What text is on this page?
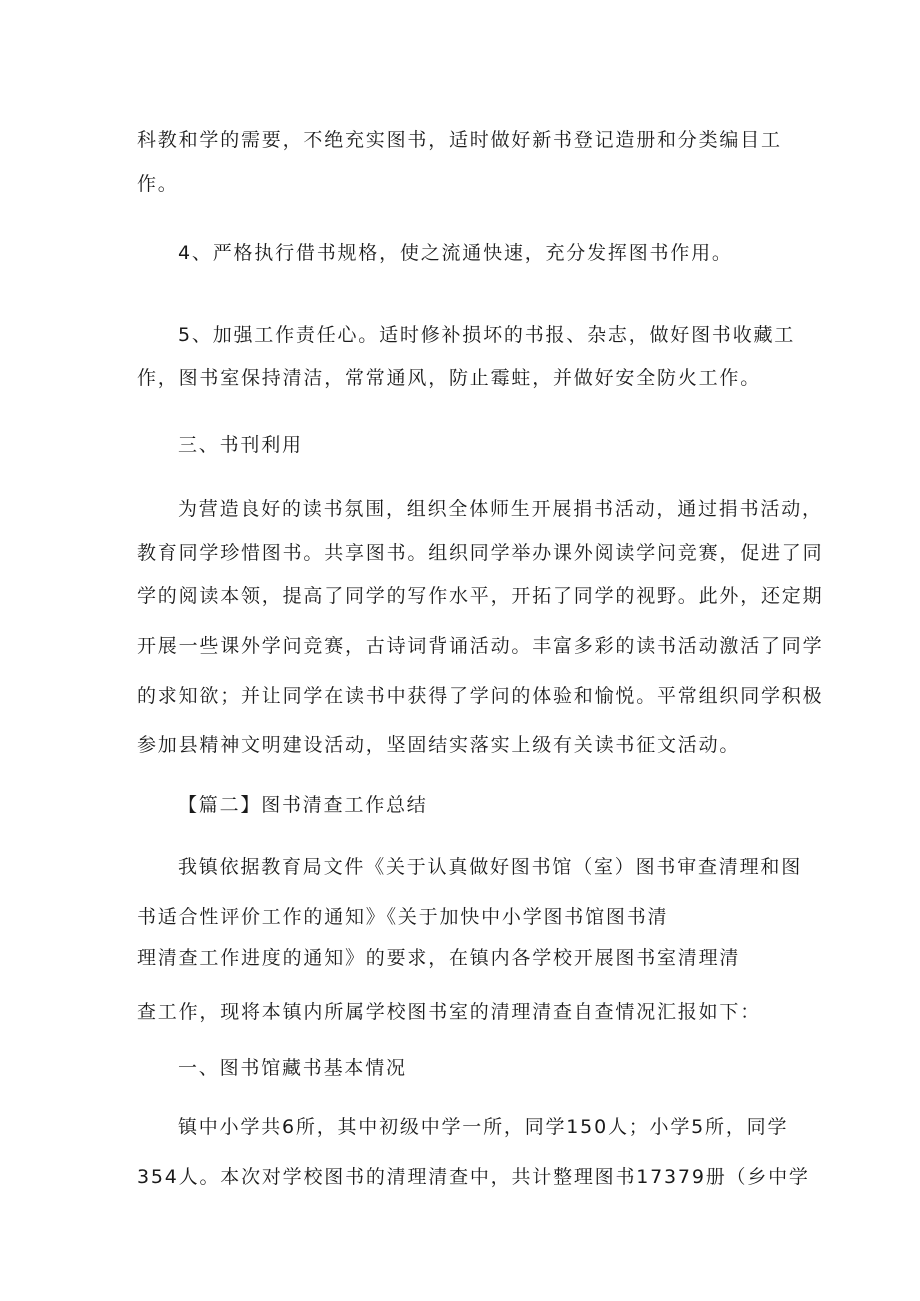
科教和学的需要，不绝充实图书，适时做好新书登记造册和分类编目工
作。
4、严格执行借书规格，使之流通快速，充分发挥图书作用。
5、加强工作责任心。适时修补损坏的书报、杂志，做好图书收藏工
作，图书室保持清洁，常常通风，防止霉蛀，并做好安全防火工作。
三、书刊利用
为营造良好的读书氛围，组织全体师生开展捐书活动，通过捐书活动，
教育同学珍惜图书。共享图书。组织同学举办课外阅读学问竞赛，促进了同
学的阅读本领，提高了同学的写作水平，开拓了同学的视野。此外，还定期
开展一些课外学问竞赛，古诗词背诵活动。丰富多彩的读书活动激活了同学
的求知欲；并让同学在读书中获得了学问的体验和愉悦。平常组织同学积极
参加县精神文明建设活动，坚固结实落实上级有关读书征文活动。
【篇二】图书清查工作总结
我镇依据教育局文件《关于认真做好图书馆（室）图书审查清理和图
书适合性评价工作的通知》《关于加快中小学图书馆图书清
理清查工作进度的通知》的要求，在镇内各学校开展图书室清理清
查工作，现将本镇内所属学校图书室的清理清查自查情况汇报如下：
一、图书馆藏书基本情况
镇中小学共6所，其中初级中学一所，同学150人；小学5所，同学
354人。本次对学校图书的清理清查中，共计整理图书17379册（乡中学
